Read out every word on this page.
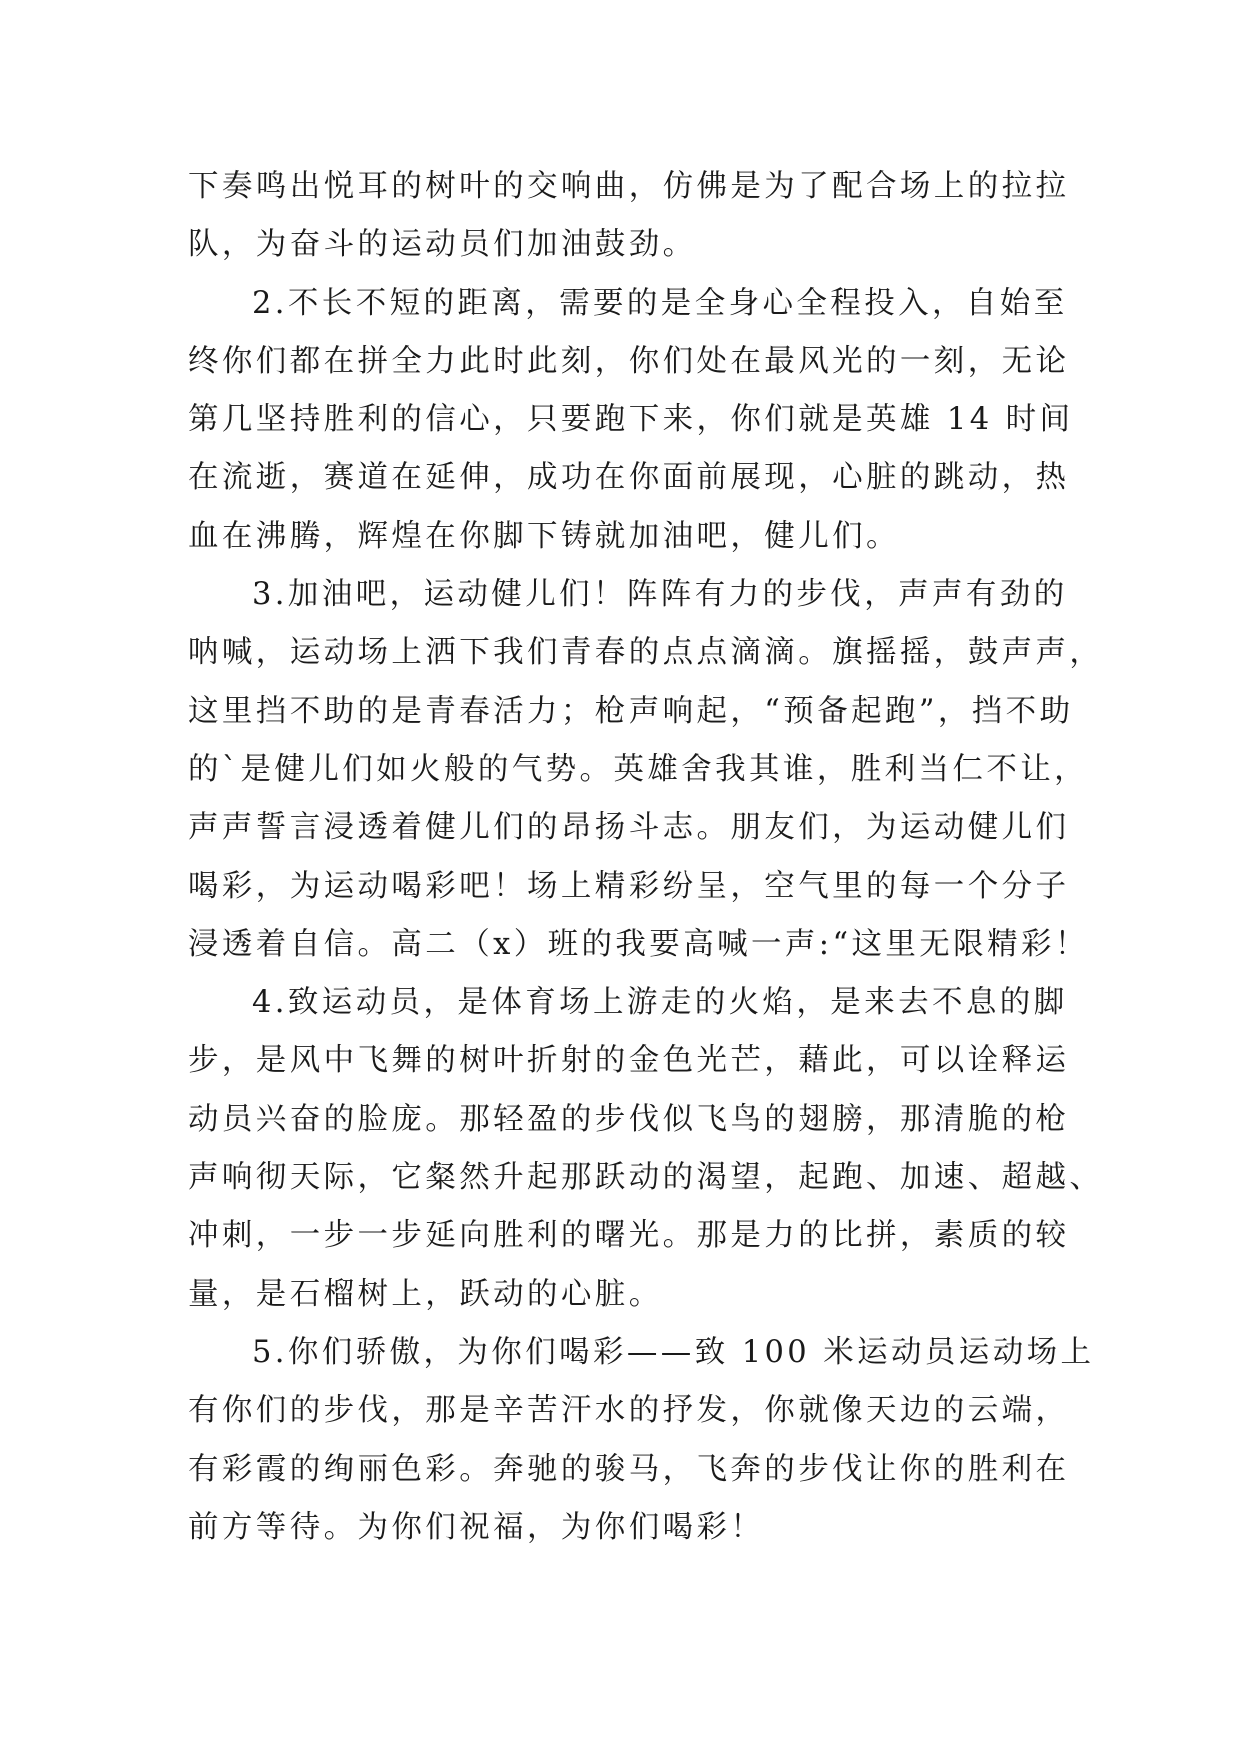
下奏鸣出悦耳的树叶的交响曲，仿佛是为了配合场上的拉拉
队，为奋斗的运动员们加油鼓劲。
2.不长不短的距离，需要的是全身心全程投入，自始至
终你们都在拼全力此时此刻，你们处在最风光的一刻，无论
第几坚持胜利的信心，只要跑下来，你们就是英雄 14 时间
在流逝，赛道在延伸，成功在你面前展现，心脏的跳动，热
血在沸腾，辉煌在你脚下铸就加油吧，健儿们。
3.加油吧，运动健儿们！阵阵有力的步伐，声声有劲的
呐喊，运动场上洒下我们青春的点点滴滴。旗摇摇，鼓声声，
这里挡不助的是青春活力；枪声响起，“预备起跑”，挡不助
的`是健儿们如火般的气势。英雄舍我其谁，胜利当仁不让，
声声誓言浸透着健儿们的昂扬斗志。朋友们，为运动健儿们
喝彩，为运动喝彩吧！场上精彩纷呈，空气里的每一个分子
浸透着自信。高二（x）班的我要高喊一声:“这里无限精彩！
4.致运动员，是体育场上游走的火焰，是来去不息的脚
步，是风中飞舞的树叶折射的金色光芒，藉此，可以诠释运
动员兴奋的脸庞。那轻盈的步伐似飞鸟的翅膀，那清脆的枪
声响彻天际，它粲然升起那跃动的渴望，起跑、加速、超越、
冲刺，一步一步延向胜利的曙光。那是力的比拼，素质的较
量，是石榴树上，跃动的心脏。
5.你们骄傲，为你们喝彩——致 100 米运动员运动场上
有你们的步伐，那是辛苦汗水的抒发，你就像天边的云端，
有彩霞的绚丽色彩。奔驰的骏马，飞奔的步伐让你的胜利在
前方等待。为你们祝福，为你们喝彩！
